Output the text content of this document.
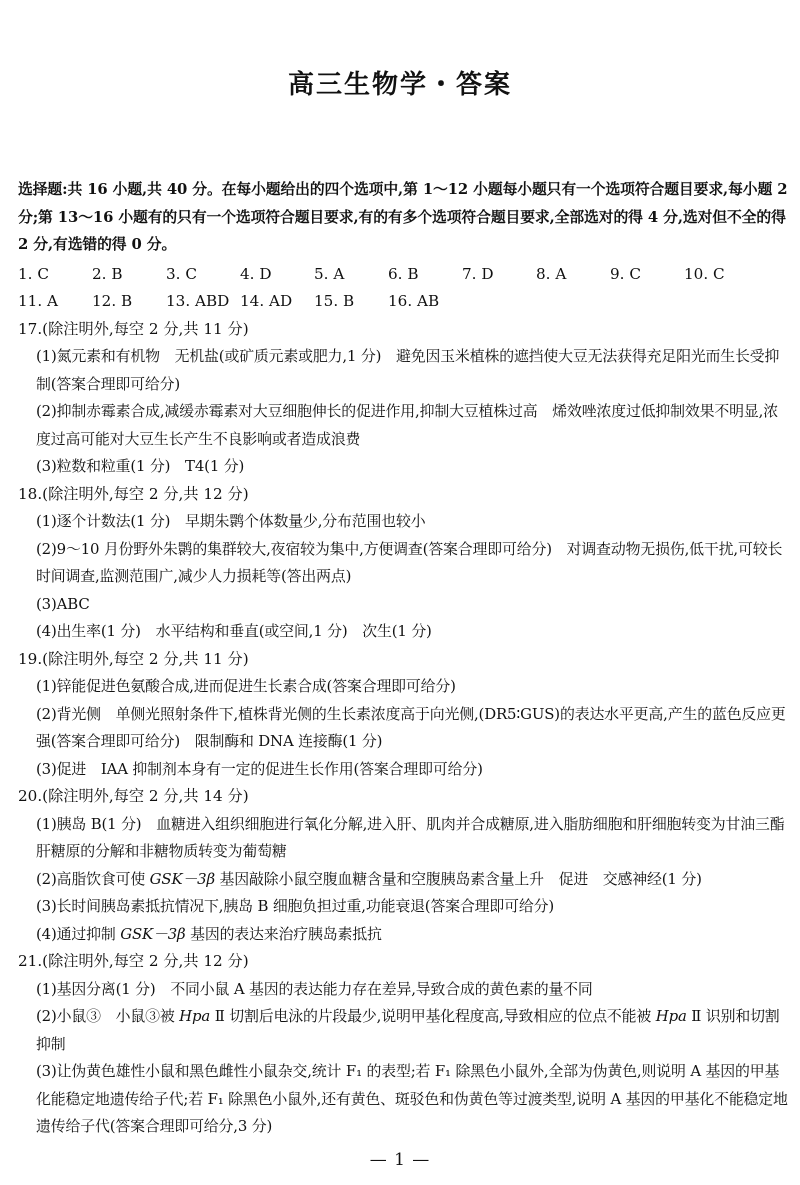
高三生物学・答案

选择题:共 16 小题,共 40 分。在每小题给出的四个选项中,第 1～12 小题每小题只有一个选项符合题目要求,每小题 2 分;第 13～16 小题有的只有一个选项符合题目要求,有的有多个选项符合题目要求,全部选对的得 4 分,选对但不全的得 2 分,有选错的得 0 分。

1. C	2. B	3. C	4. D	5. A	6. B	7. D	8. A	9. C	10. C
11. A	12. B	13. ABD 14. AD	15. B	16. AB

17.(除注明外,每空 2 分,共 11 分)

(1)氮元素和有机物　无机盐(或矿质元素或肥力,1 分)　避免因玉米植株的遮挡使大豆无法获得充足阳光而生长受抑制(答案合理即可给分)

(2)抑制赤霉素合成,减缓赤霉素对大豆细胞伸长的促进作用,抑制大豆植株过高　烯效唑浓度过低抑制效果不明显,浓度过高可能对大豆生长产生不良影响或者造成浪费

(3)粒数和粒重(1 分)　T4(1 分)

18.(除注明外,每空 2 分,共 12 分)

(1)逐个计数法(1 分)　早期朱鹮个体数量少,分布范围也较小

(2)9～10 月份野外朱鹮的集群较大,夜宿较为集中,方便调查(答案合理即可给分)　对调查动物无损伤,低干扰,可较长时间调查,监测范围广,减少人力损耗等(答出两点)

(3)ABC

(4)出生率(1 分)　水平结构和垂直(或空间,1 分)　次生(1 分)

19.(除注明外,每空 2 分,共 11 分)

(1)锌能促进色氨酸合成,进而促进生长素合成(答案合理即可给分)

(2)背光侧　单侧光照射条件下,植株背光侧的生长素浓度高于向光侧,(DR5∶GUS)的表达水平更高,产生的蓝色反应更强(答案合理即可给分)　限制酶和 DNA 连接酶(1 分)

(3)促进　IAA 抑制剂本身有一定的促进生长作用(答案合理即可给分)

20.(除注明外,每空 2 分,共 14 分)

(1)胰岛 B(1 分)　血糖进入组织细胞进行氧化分解,进入肝、肌肉并合成糖原,进入脂肪细胞和肝细胞转变为甘油三酯　肝糖原的分解和非糖物质转变为葡萄糖

(2)高脂饮食可使 GSK－3β 基因敲除小鼠空腹血糖含量和空腹胰岛素含量上升　促进　交感神经(1 分)

(3)长时间胰岛素抵抗情况下,胰岛 B 细胞负担过重,功能衰退(答案合理即可给分)

(4)通过抑制 GSK－3β 基因的表达来治疗胰岛素抵抗

21.(除注明外,每空 2 分,共 12 分)

(1)基因分离(1 分)　不同小鼠 A 基因的表达能力存在差异,导致合成的黄色素的量不同

(2)小鼠③　小鼠③被 Hpa Ⅱ 切割后电泳的片段最少,说明甲基化程度高,导致相应的位点不能被 Hpa Ⅱ 识别和切割　抑制

(3)让伪黄色雄性小鼠和黑色雌性小鼠杂交,统计 F₁ 的表型;若 F₁ 除黑色小鼠外,全部为伪黄色,则说明 A 基因的甲基化能稳定地遗传给子代;若 F₁ 除黑色小鼠外,还有黄色、斑驳色和伪黄色等过渡类型,说明 A 基因的甲基化不能稳定地遗传给子代(答案合理即可给分,3 分)

— 1 —
